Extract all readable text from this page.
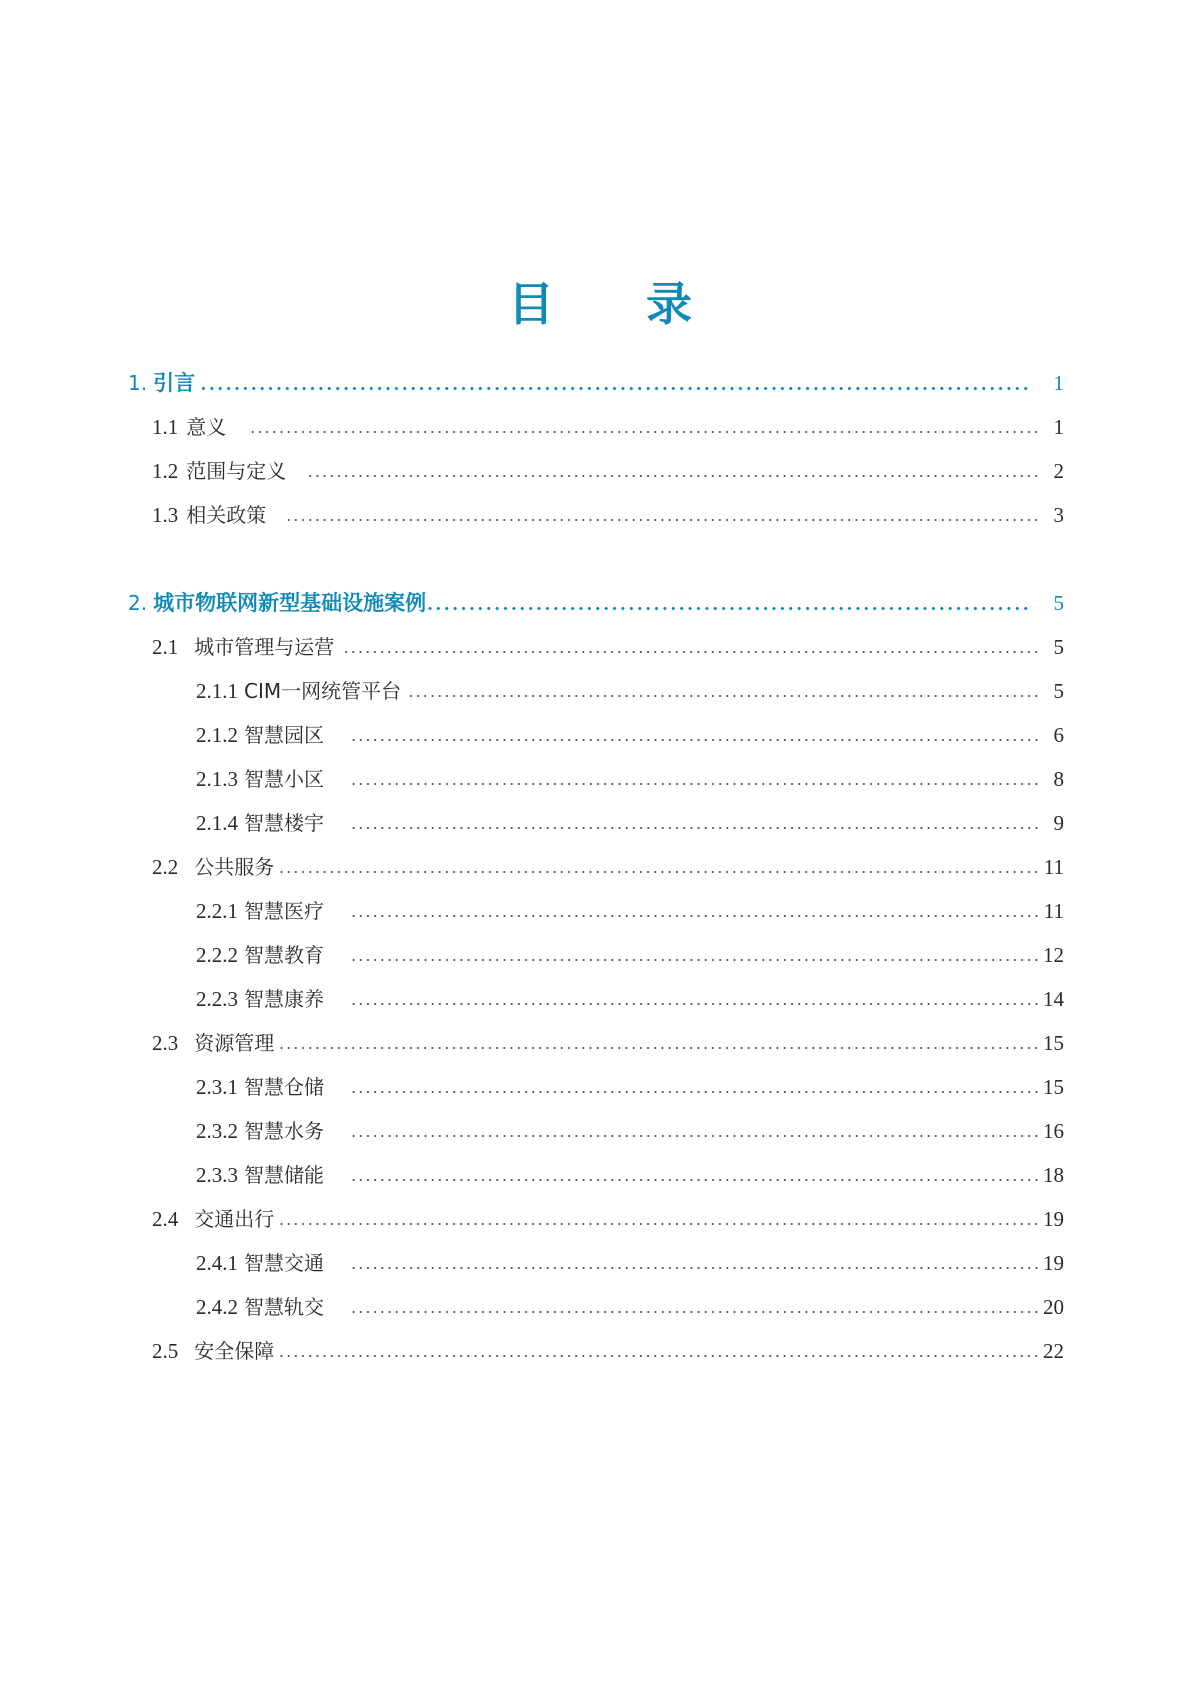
目 录
1. 引言	1
1.1 意义	1
1.2 范围与定义	2
1.3 相关政策	3
2. 城市物联网新型基础设施案例	5
2.1 城市管理与运营	5
2.1.1 CIM一网统管平台	5
2.1.2 智慧园区	6
2.1.3 智慧小区	8
2.1.4 智慧楼宇	9
2.2 公共服务	11
2.2.1 智慧医疗	11
2.2.2 智慧教育	12
2.2.3 智慧康养	14
2.3 资源管理	15
2.3.1 智慧仓储	15
2.3.2 智慧水务	16
2.3.3 智慧储能	18
2.4 交通出行	19
2.4.1 智慧交通	19
2.4.2 智慧轨交	20
2.5 安全保障	22
